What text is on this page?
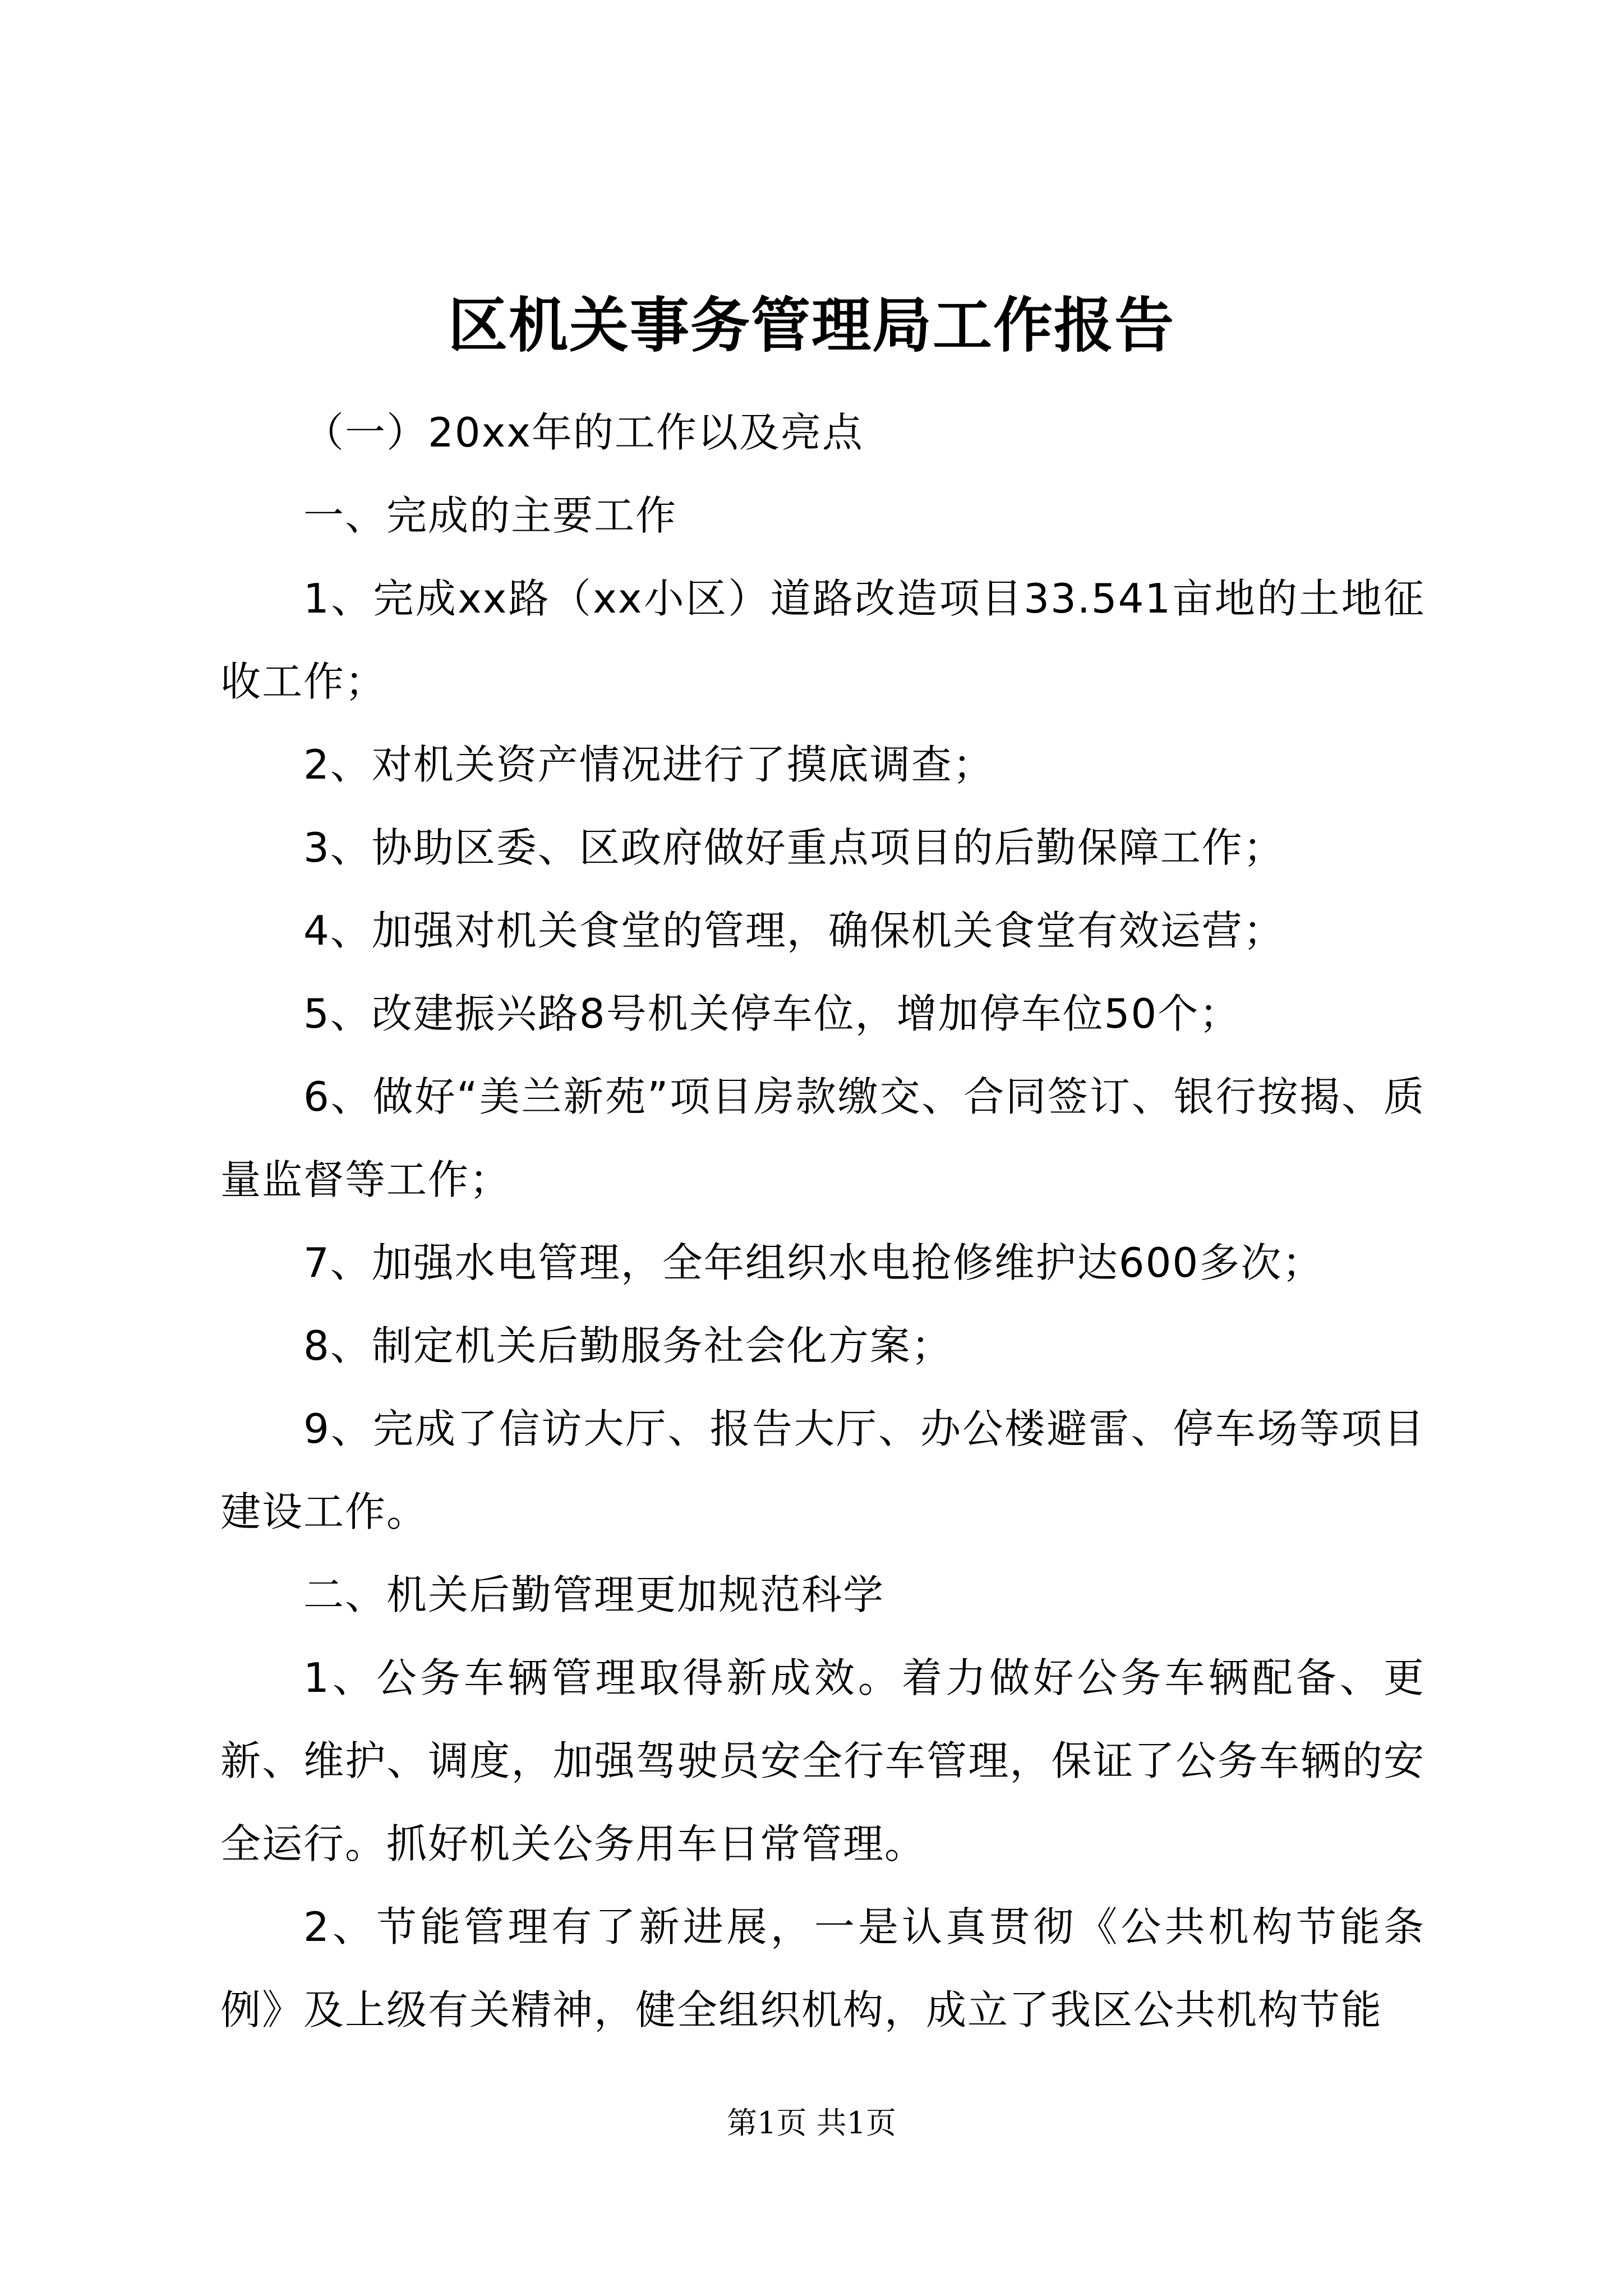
区机关事务管理局工作报告

（一）20xx年的工作以及亮点

一、完成的主要工作

1、完成xx路（xx小区）道路改造项目33.541亩地的土地征收工作；

2、对机关资产情况进行了摸底调查；

3、协助区委、区政府做好重点项目的后勤保障工作；

4、加强对机关食堂的管理，确保机关食堂有效运营；

5、改建振兴路8号机关停车位，增加停车位50个；

6、做好“美兰新苑”项目房款缴交、合同签订、银行按揭、质量监督等工作；

7、加强水电管理，全年组织水电抢修维护达600多次；

8、制定机关后勤服务社会化方案；

9、完成了信访大厅、报告大厅、办公楼避雷、停车场等项目建设工作。

二、机关后勤管理更加规范科学

1、公务车辆管理取得新成效。着力做好公务车辆配备、更新、维护、调度，加强驾驶员安全行车管理，保证了公务车辆的安全运行。抓好机关公务用车日常管理。

2、节能管理有了新进展，一是认真贯彻《公共机构节能条例》及上级有关精神，健全组织机构，成立了我区公共机构节能

第1页 共1页
